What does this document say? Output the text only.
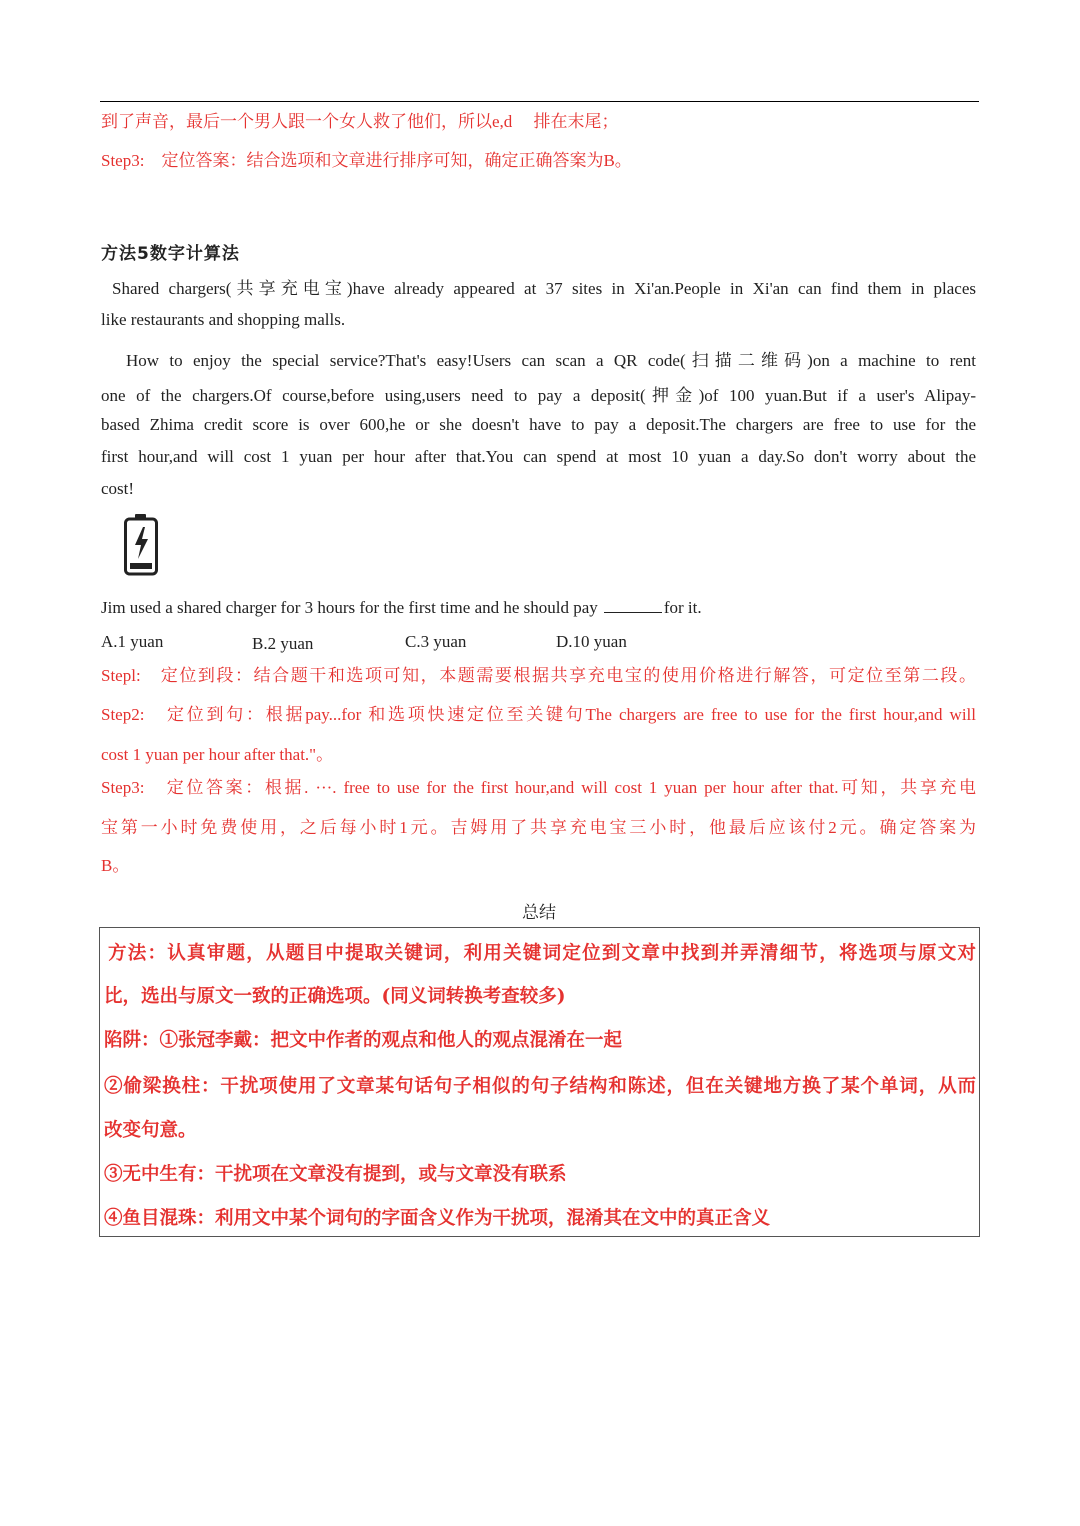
到了声音，最后一个男人跟一个女人救了他们，所以e,d　 排在末尾；
Step3:　定位答案：结合选项和文章进行排序可知，确定正确答案为B。
方法5数字计算法
Shared chargers(共享充电宝)have already appeared at 37 sites in Xi'an.People in Xi'an can find them in places
like restaurants and shopping malls.
How to enjoy the special service?That's easy!Users can scan a QR code(扫描二维码)on a machine to rent
one of the chargers.Of course,before using,users need to pay a deposit(押金)of 100 yuan.But if a user's Alipay-
based Zhima credit score is over 600,he or she doesn't have to pay a deposit.The chargers are free to use for the
first hour,and will cost 1 yuan per hour after that.You can spend at most 10 yuan a day.So don't worry about the
cost!
Jim used a shared charger for 3 hours for the first time and he should pay	for it.
A.1 yuan	B.2 yuan	C.3 yuan	D.10 yuan
Stepl:　定位到段：结合题干和选项可知，本题需要根据共享充电宝的使用价格进行解答，可定位至第二段。
Step2:　定位到句：根据pay...for 和选项快速定位至关键句The chargers are free to use for the first hour,and will
cost 1 yuan per hour after that."。
Step3:　定位答案：根据. ···. free to use for the first hour,and will cost 1 yuan per hour after that.可知，共享充电
宝第一小时免费使用，之后每小时1元。吉姆用了共享充电宝三小时，他最后应该付2元。确定答案为
B。
总结
方法：认真审题，从题目中提取关键词，利用关键词定位到文章中找到并弄清细节，将选项与原文对
比，选出与原文一致的正确选项。(同义词转换考查较多)
陷阱：①张冠李戴：把文中作者的观点和他人的观点混淆在一起
②偷梁换柱：干扰项使用了文章某句话句子相似的句子结构和陈述，但在关键地方换了某个单词，从而
改变句意。
③无中生有：干扰项在文章没有提到，或与文章没有联系
④鱼目混珠：利用文中某个词句的字面含义作为干扰项，混淆其在文中的真正含义
